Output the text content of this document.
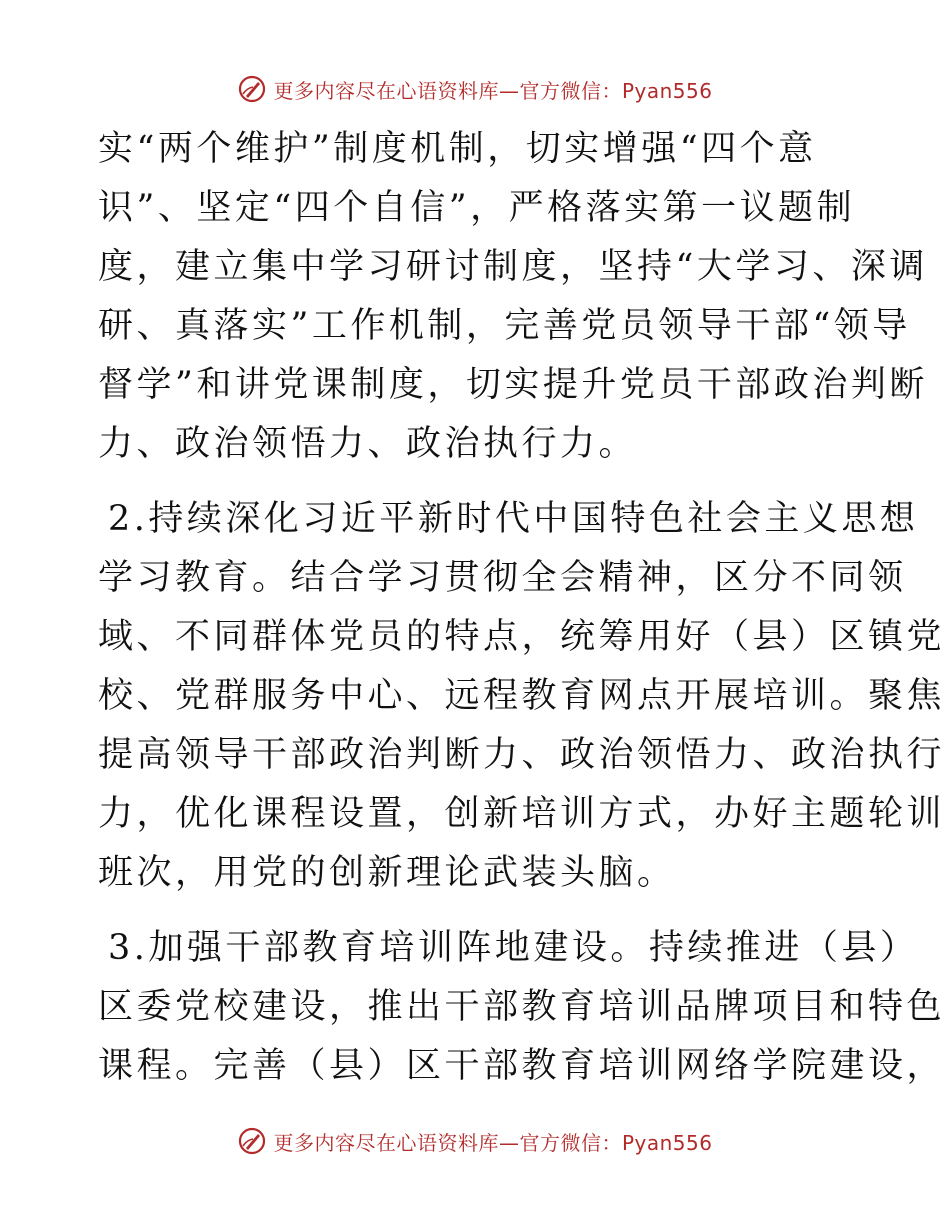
更多内容尽在心语资料库—官方微信：Pyan556
实“两个维护”制度机制，切实增强“四个意
识”、坚定“四个自信”，严格落实第一议题制
度，建立集中学习研讨制度，坚持“大学习、深调
研、真落实”工作机制，完善党员领导干部“领导
督学”和讲党课制度，切实提升党员干部政治判断
力、政治领悟力、政治执行力。
2.持续深化习近平新时代中国特色社会主义思想
学习教育。结合学习贯彻全会精神，区分不同领
域、不同群体党员的特点，统筹用好（县）区镇党
校、党群服务中心、远程教育网点开展培训。聚焦
提高领导干部政治判断力、政治领悟力、政治执行
力，优化课程设置，创新培训方式，办好主题轮训
班次，用党的创新理论武装头脑。
3.加强干部教育培训阵地建设。持续推进（县）
区委党校建设，推出干部教育培训品牌项目和特色
课程。完善（县）区干部教育培训网络学院建设，
更多内容尽在心语资料库—官方微信：Pyan556
